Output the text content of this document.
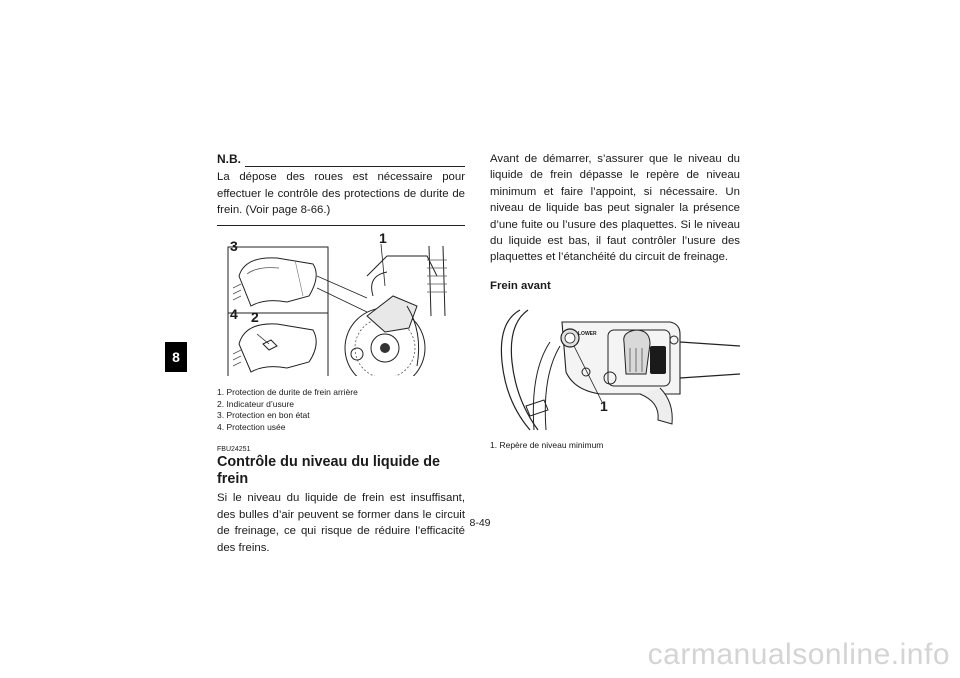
8
N.B.

La dépose des roues est nécessaire pour effectuer le contrôle des protections de durite de frein. (Voir page 8-66.)

3
4 2
1

1. Protection de durite de frein arrière

2. Indicateur d’usure

3. Protection en bon état

4. Protection usée

FBU24251
Contrôle du niveau du liquide de frein

Si le niveau du liquide de frein est insuffisant, des bulles d’air peuvent se former dans le circuit de freinage, ce qui risque de réduire l’efficacité des freins.

Avant de démarrer, s’assurer que le niveau du liquide de frein dépasse le repère de niveau minimum et faire l’appoint, si nécessaire. Un niveau de liquide bas peut signaler la présence d’une fuite ou l’usure des plaquettes. Si le niveau du liquide est bas, il faut contrôler l’usure des plaquettes et l’étanchéité du circuit de freinage.

Frein avant

LOWER
1

1. Repère de niveau minimum

8-49
carmanualsonline.info
